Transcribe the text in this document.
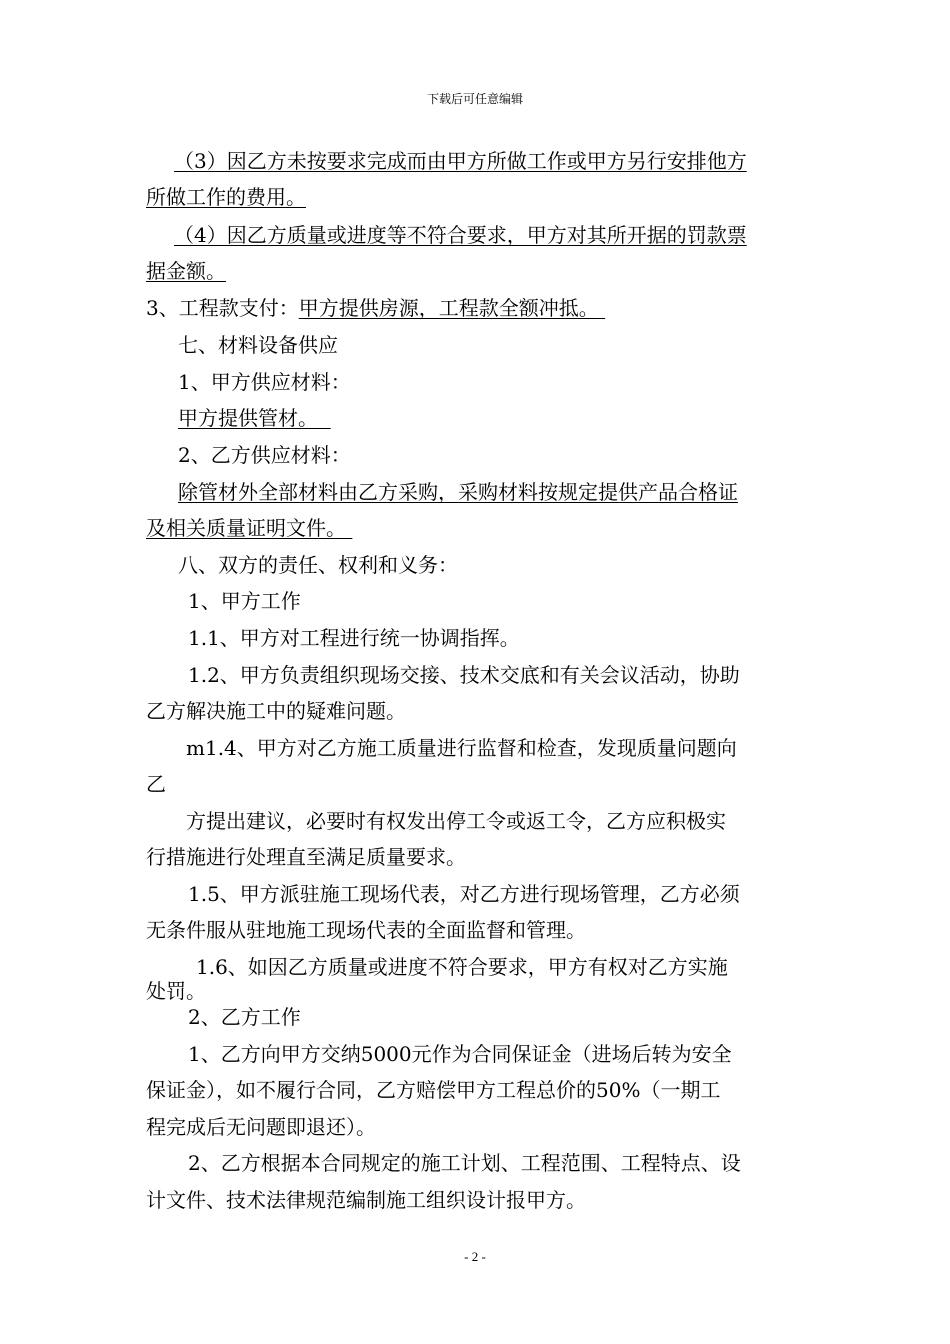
下载后可任意编辑
（3）因乙方未按要求完成而由甲方所做工作或甲方另行安排他方
所做工作的费用。
（4）因乙方质量或进度等不符合要求，甲方对其所开据的罚款票
据金额。
3、工程款支付：甲方提供房源，工程款全额冲抵。
七、材料设备供应
1、甲方供应材料：
甲方提供管材。
2、乙方供应材料：
除管材外全部材料由乙方采购，采购材料按规定提供产品合格证
及相关质量证明文件。
八、双方的责任、权利和义务：
1、甲方工作
1.1、甲方对工程进行统一协调指挥。
1.2、甲方负责组织现场交接、技术交底和有关会议活动，协助
乙方解决施工中的疑难问题。
m1.4、甲方对乙方施工质量进行监督和检查，发现质量问题向
乙
方提出建议，必要时有权发出停工令或返工令，乙方应积极实
行措施进行处理直至满足质量要求。
1.5、甲方派驻施工现场代表，对乙方进行现场管理，乙方必须
无条件服从驻地施工现场代表的全面监督和管理。
1.6、如因乙方质量或进度不符合要求，甲方有权对乙方实施
处罚。
2、乙方工作
1、乙方向甲方交纳5000元作为合同保证金（进场后转为安全
保证金），如不履行合同，乙方赔偿甲方工程总价的50%（一期工
程完成后无问题即退还）。
2、乙方根据本合同规定的施工计划、工程范围、工程特点、设
计文件、技术法律规范编制施工组织设计报甲方。
- 2 -
